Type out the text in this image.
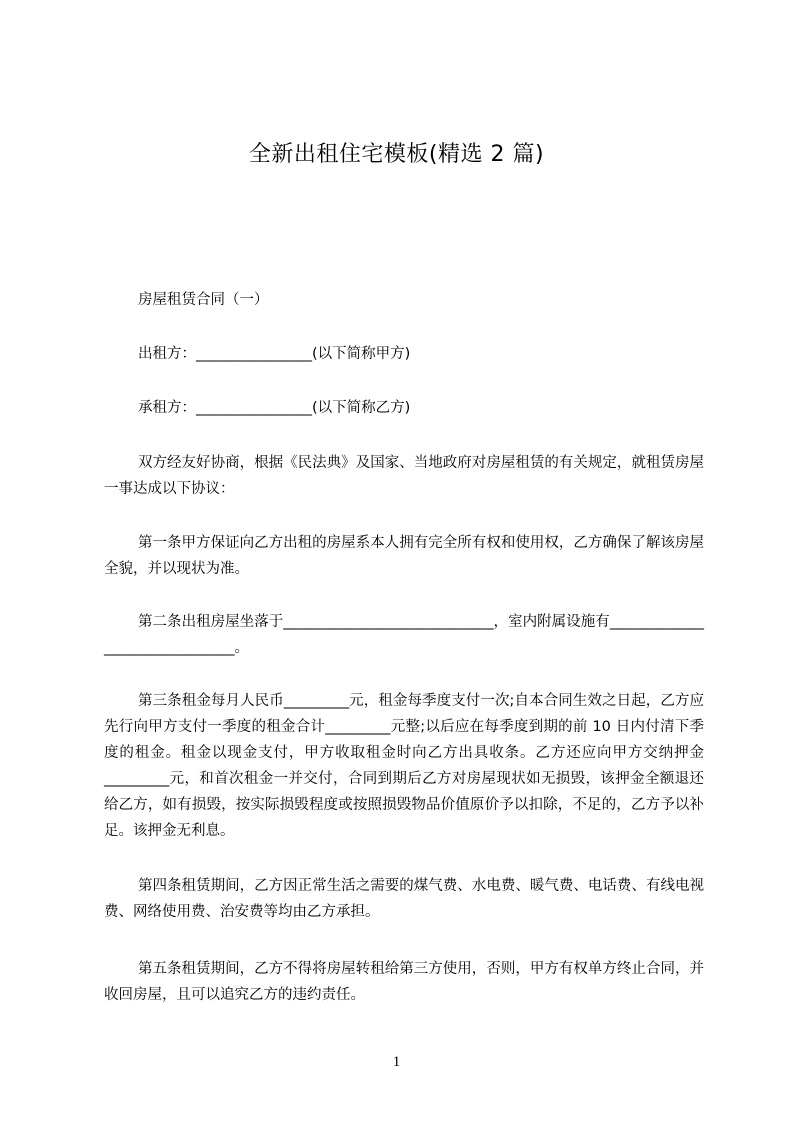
全新出租住宅模板(精选 2 篇)
房屋租赁合同（一）
出租方：________________(以下简称甲方)
承租方：________________(以下简称乙方)
双方经友好协商，根据《民法典》及国家、当地政府对房屋租赁的有关规定，就租赁房屋一事达成以下协议：
第一条甲方保证向乙方出租的房屋系本人拥有完全所有权和使用权，乙方确保了解该房屋全貌，并以现状为准。
第二条出租房屋坐落于_____________________________，室内附属设施有_______________________________。
第三条租金每月人民币_________元，租金每季度支付一次;自本合同生效之日起，乙方应先行向甲方支付一季度的租金合计_________元整;以后应在每季度到期的前 10 日内付清下季度的租金。租金以现金支付，甲方收取租金时向乙方出具收条。乙方还应向甲方交纳押金_________元，和首次租金一并交付，合同到期后乙方对房屋现状如无损毁，该押金全额退还给乙方，如有损毁，按实际损毁程度或按照损毁物品价值原价予以扣除，不足的，乙方予以补足。该押金无利息。
第四条租赁期间，乙方因正常生活之需要的煤气费、水电费、暖气费、电话费、有线电视费、网络使用费、治安费等均由乙方承担。
第五条租赁期间，乙方不得将房屋转租给第三方使用，否则，甲方有权单方终止合同，并收回房屋，且可以追究乙方的违约责任。
1
